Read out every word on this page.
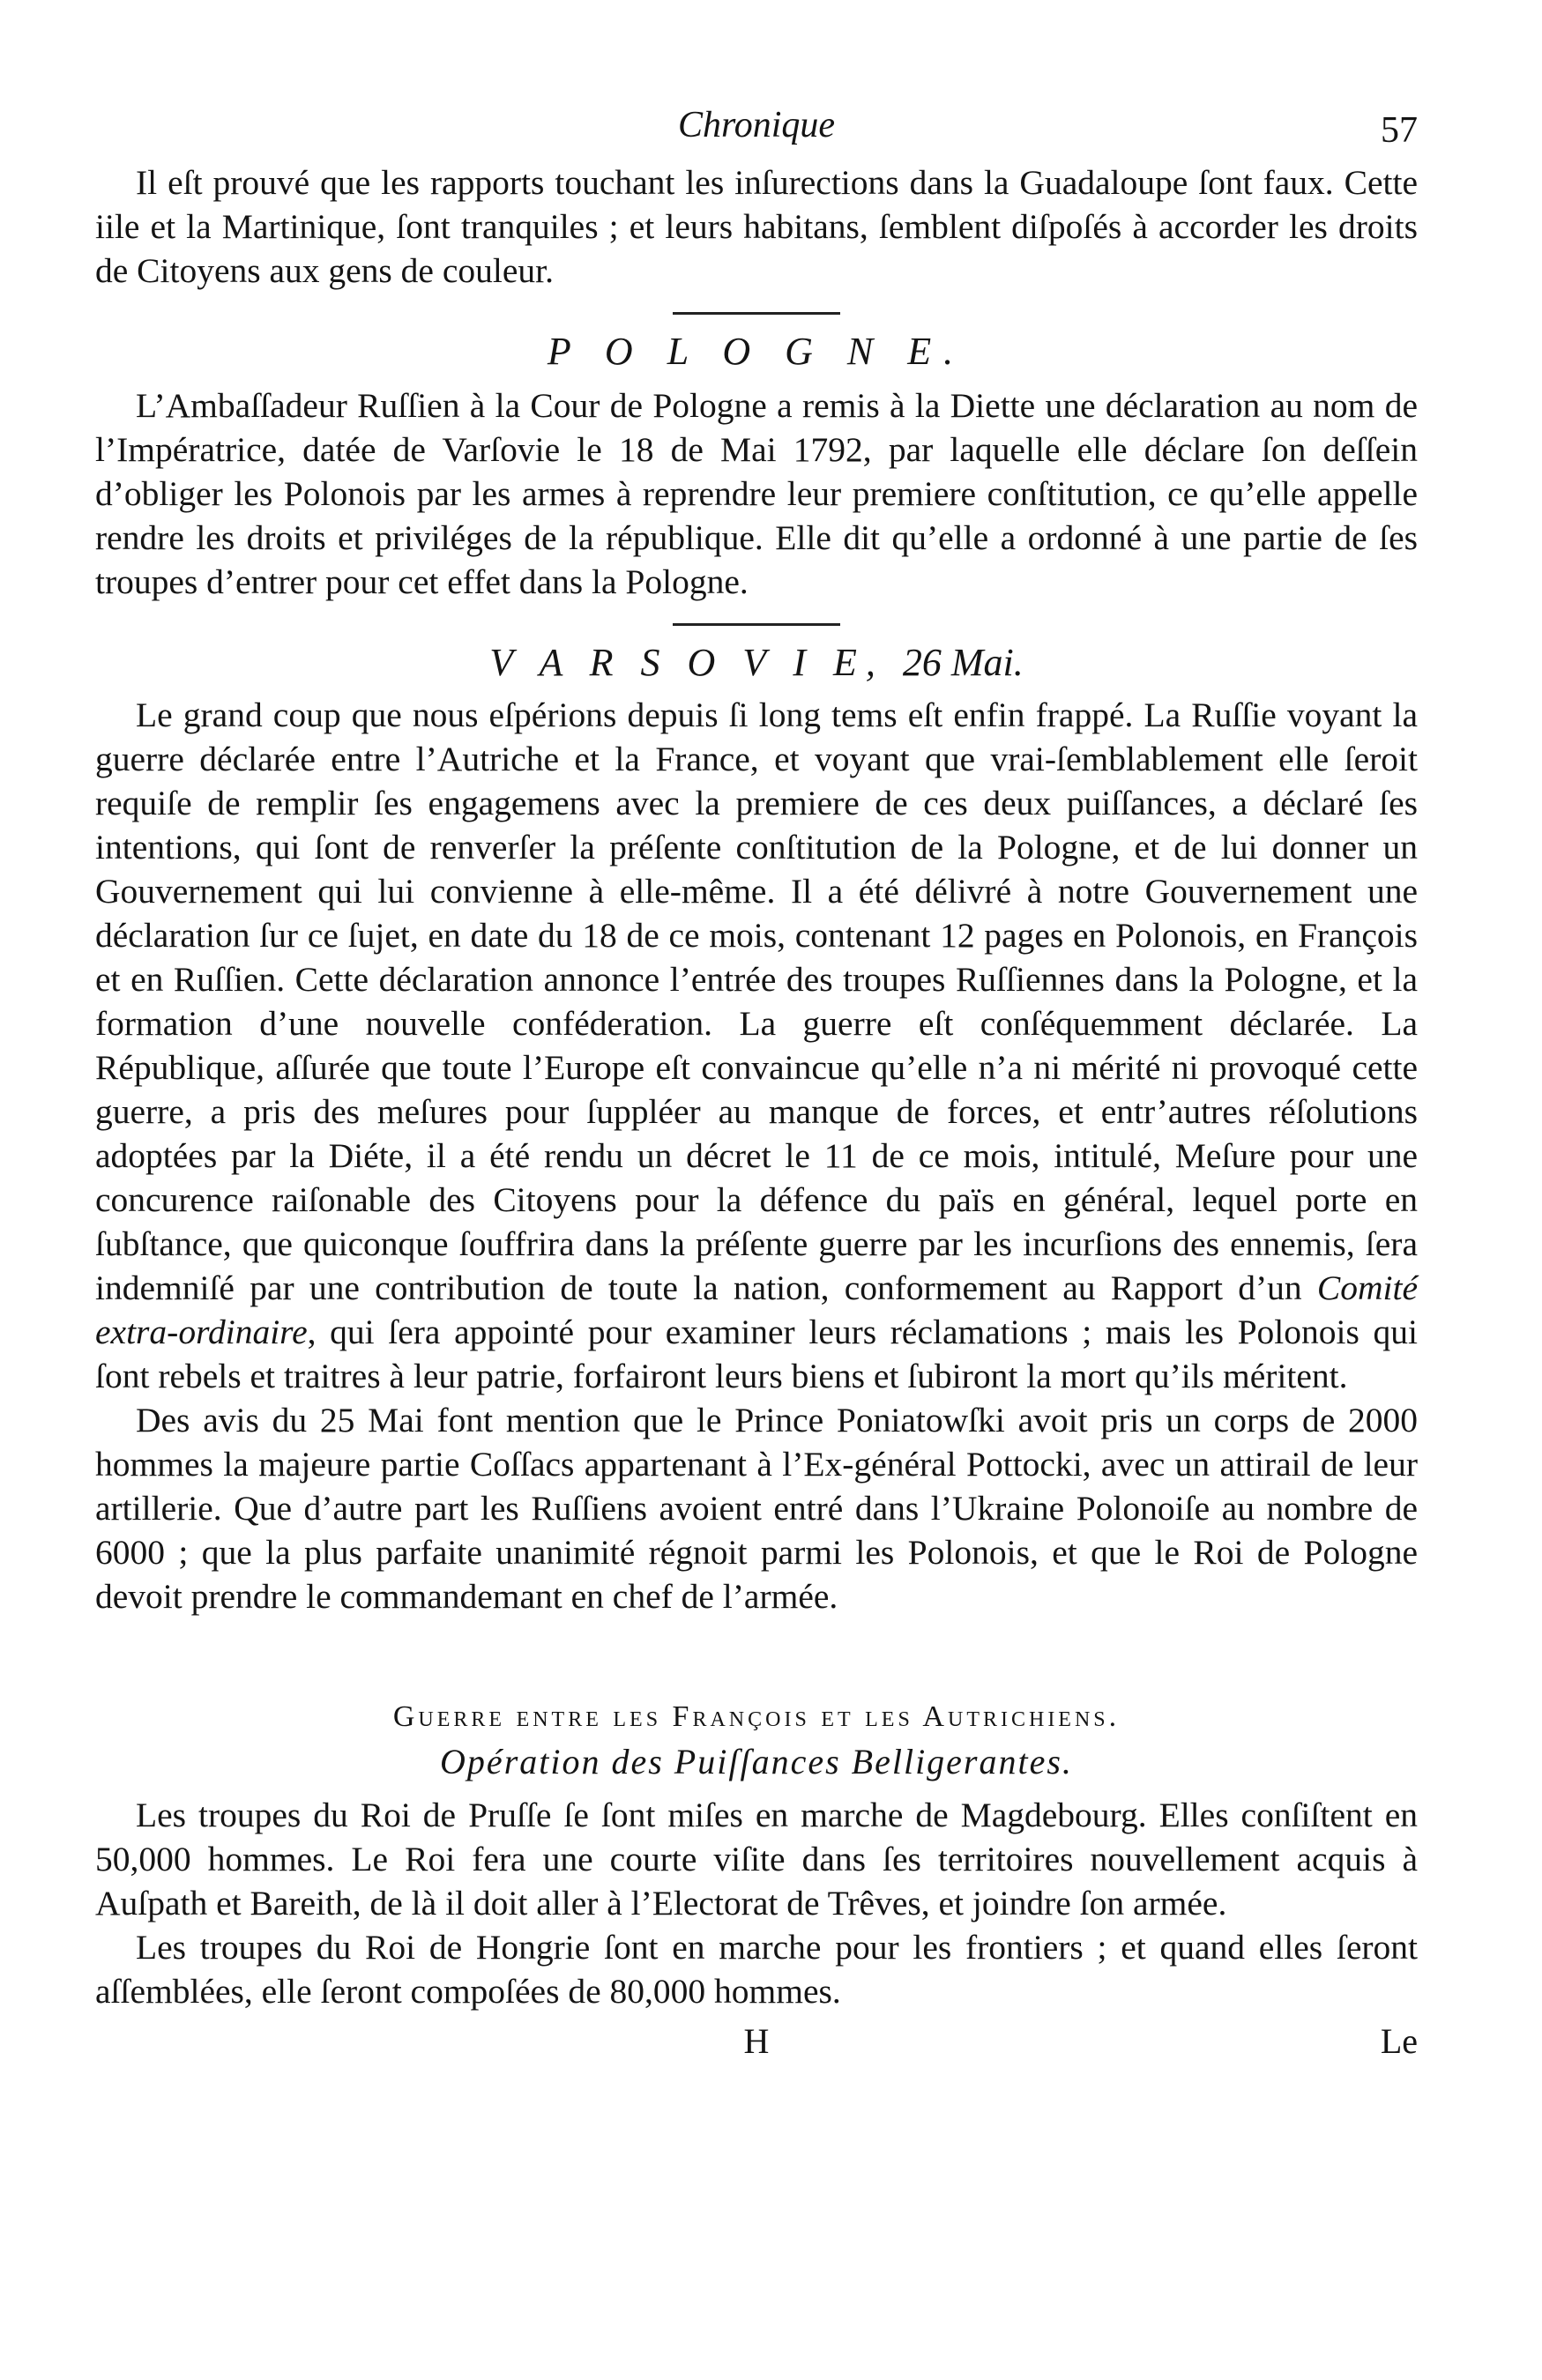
Chronique	57

Il eſt prouvé que les rapports touchant les inſurections dans la Guadaloupe ſont faux. Cette iile et la Martinique, ſont tranquiles ; et leurs habitans, ſemblent diſpoſés à accorder les droits de Citoyens aux gens de couleur.

P O L O G N E.

L’Ambaſſadeur Ruſſien à la Cour de Pologne a remis à la Diette une déclaration au nom de l’Impératrice, datée de Varſovie le 18 de Mai 1792, par laquelle elle déclare ſon deſſein d’obliger les Polonois par les armes à reprendre leur premiere conſtitution, ce qu’elle appelle rendre les droits et priviléges de la république. Elle dit qu’elle a ordonné à une partie de ſes troupes d’entrer pour cet effet dans la Pologne.

V A R S O V I E, 26 Mai.

Le grand coup que nous eſpérions depuis ſi long tems eſt enfin frappé. La Ruſſie voyant la guerre déclarée entre l’Autriche et la France, et voyant que vrai-ſemblablement elle ſeroit requiſe de remplir ſes engagemens avec la premiere de ces deux puiſſances, a déclaré ſes intentions, qui ſont de renverſer la préſente conſtitution de la Pologne, et de lui donner un Gouvernement qui lui convienne à elle-même. Il a été délivré à notre Gouvernement une déclaration ſur ce ſujet, en date du 18 de ce mois, contenant 12 pages en Polonois, en François et en Ruſſien. Cette déclaration annonce l’entrée des troupes Ruſſiennes dans la Pologne, et la formation d’une nouvelle conféderation. La guerre eſt conſéquemment déclarée. La République, aſſurée que toute l’Europe eſt convaincue qu’elle n’a ni mérité ni provoqué cette guerre, a pris des meſures pour ſuppléer au manque de forces, et entr’autres réſolutions adoptées par la Diéte, il a été rendu un décret le 11 de ce mois, intitulé, Meſure pour une concurence raiſonable des Citoyens pour la défence du païs en général, lequel porte en ſubſtance, que quiconque ſouffrira dans la préſente guerre par les incurſions des ennemis, ſera indemniſé par une contribution de toute la nation, conformement au Rapport d’un Comité extra-ordinaire, qui ſera appointé pour examiner leurs réclamations ; mais les Polonois qui ſont rebels et traitres à leur patrie, forfairont leurs biens et ſubiront la mort qu’ils méritent.

Des avis du 25 Mai font mention que le Prince Poniatowſki avoit pris un corps de 2000 hommes la majeure partie Coſſacs appartenant à l’Ex-général Pottocki, avec un attirail de leur artillerie. Que d’autre part les Ruſſiens avoient entré dans l’Ukraine Polonoiſe au nombre de 6000 ; que la plus parfaite unanimité régnoit parmi les Polonois, et que le Roi de Pologne devoit prendre le commandemant en chef de l’armée.

Guerre entre les François et les Autrichiens.
Opération des Puiſſances Belligerantes.

Les troupes du Roi de Pruſſe ſe ſont miſes en marche de Magdebourg. Elles conſiſtent en 50,000 hommes. Le Roi fera une courte viſite dans ſes territoires nouvellement acquis à Auſpath et Bareith, de là il doit aller à l’Electorat de Trêves, et joindre ſon armée.

Les troupes du Roi de Hongrie ſont en marche pour les frontiers ; et quand elles ſeront aſſemblées, elle ſeront compoſées de 80,000 hommes.

H	Le
